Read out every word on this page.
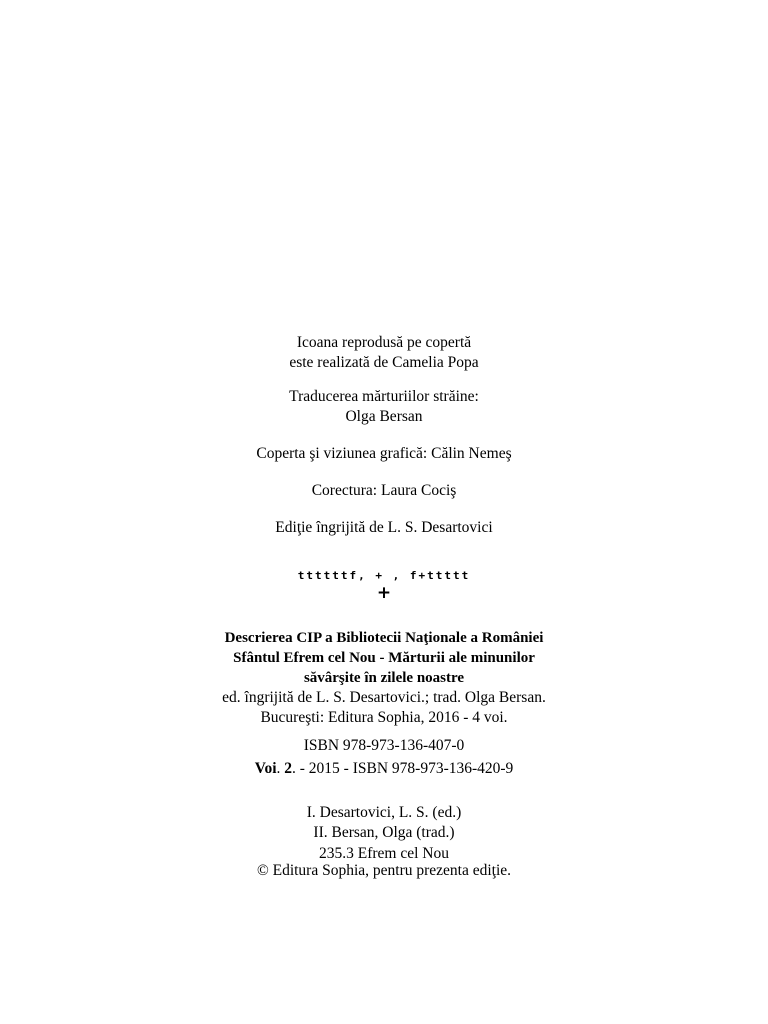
Icoana reprodusă pe copertă
este realizată de Camelia Popa
Traducerea mărturiilor străine:
Olga Bersan
Coperta şi viziunea grafică: Călin Nemeş
Corectura: Laura Cociş
Ediţie îngrijită de L. S. Desartovici
ttttttf, + , f+ttttt
+
Descrierea CIP a Bibliotecii Naţionale a României
Sfântul Efrem cel Nou - Mărturii ale minunilor
săvârşite în zilele noastre
ed. îngrijită de L. S. Desartovici.; trad. Olga Bersan.
Bucureşti: Editura Sophia, 2016 - 4 voi.
ISBN 978-973-136-407-0
Voi. 2. - 2015 - ISBN 978-973-136-420-9
I. Desartovici, L. S. (ed.)
II. Bersan, Olga (trad.)
235.3 Efrem cel Nou
© Editura Sophia, pentru prezenta ediţie.
